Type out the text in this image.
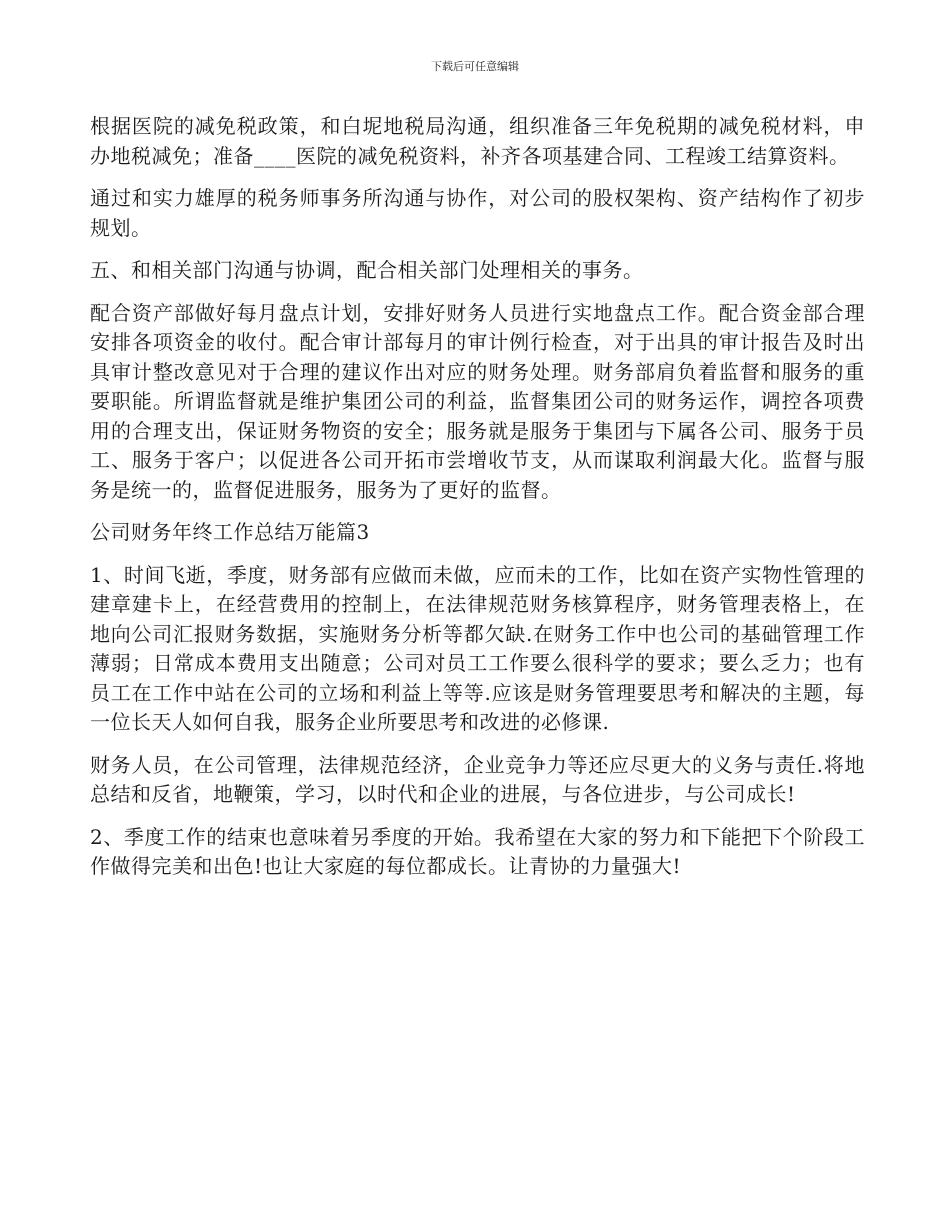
下载后可任意编辑

根据医院的减免税政策，和白坭地税局沟通，组织准备三年免税期的减免税材料，申办地税减免；准备____医院的减免税资料，补齐各项基建合同、工程竣工结算资料。

通过和实力雄厚的税务师事务所沟通与协作，对公司的股权架构、资产结构作了初步规划。

五、和相关部门沟通与协调，配合相关部门处理相关的事务。

配合资产部做好每月盘点计划，安排好财务人员进行实地盘点工作。配合资金部合理安排各项资金的收付。配合审计部每月的审计例行检查，对于出具的审计报告及时出具审计整改意见对于合理的建议作出对应的财务处理。财务部肩负着监督和服务的重要职能。所谓监督就是维护集团公司的利益，监督集团公司的财务运作，调控各项费用的合理支出，保证财务物资的安全；服务就是服务于集团与下属各公司、服务于员工、服务于客户；以促进各公司开拓市尝增收节支，从而谋取利润最大化。监督与服务是统一的，监督促进服务，服务为了更好的监督。

公司财务年终工作总结万能篇3

1、时间飞逝，季度，财务部有应做而未做，应而未的工作，比如在资产实物性管理的建章建卡上，在经营费用的控制上，在法律规范财务核算程序，财务管理表格上，在地向公司汇报财务数据，实施财务分析等都欠缺.在财务工作中也公司的基础管理工作薄弱；日常成本费用支出随意；公司对员工工作要么很科学的要求；要么乏力；也有员工在工作中站在公司的立场和利益上等等.应该是财务管理要思考和解决的主题，每一位长天人如何自我，服务企业所要思考和改进的必修课.

财务人员，在公司管理，法律规范经济，企业竞争力等还应尽更大的义务与责任.将地总结和反省，地鞭策，学习，以时代和企业的进展，与各位进步，与公司成长!

2、季度工作的结束也意味着另季度的开始。我希望在大家的努力和下能把下个阶段工作做得完美和出色!也让大家庭的每位都成长。让青协的力量强大!
